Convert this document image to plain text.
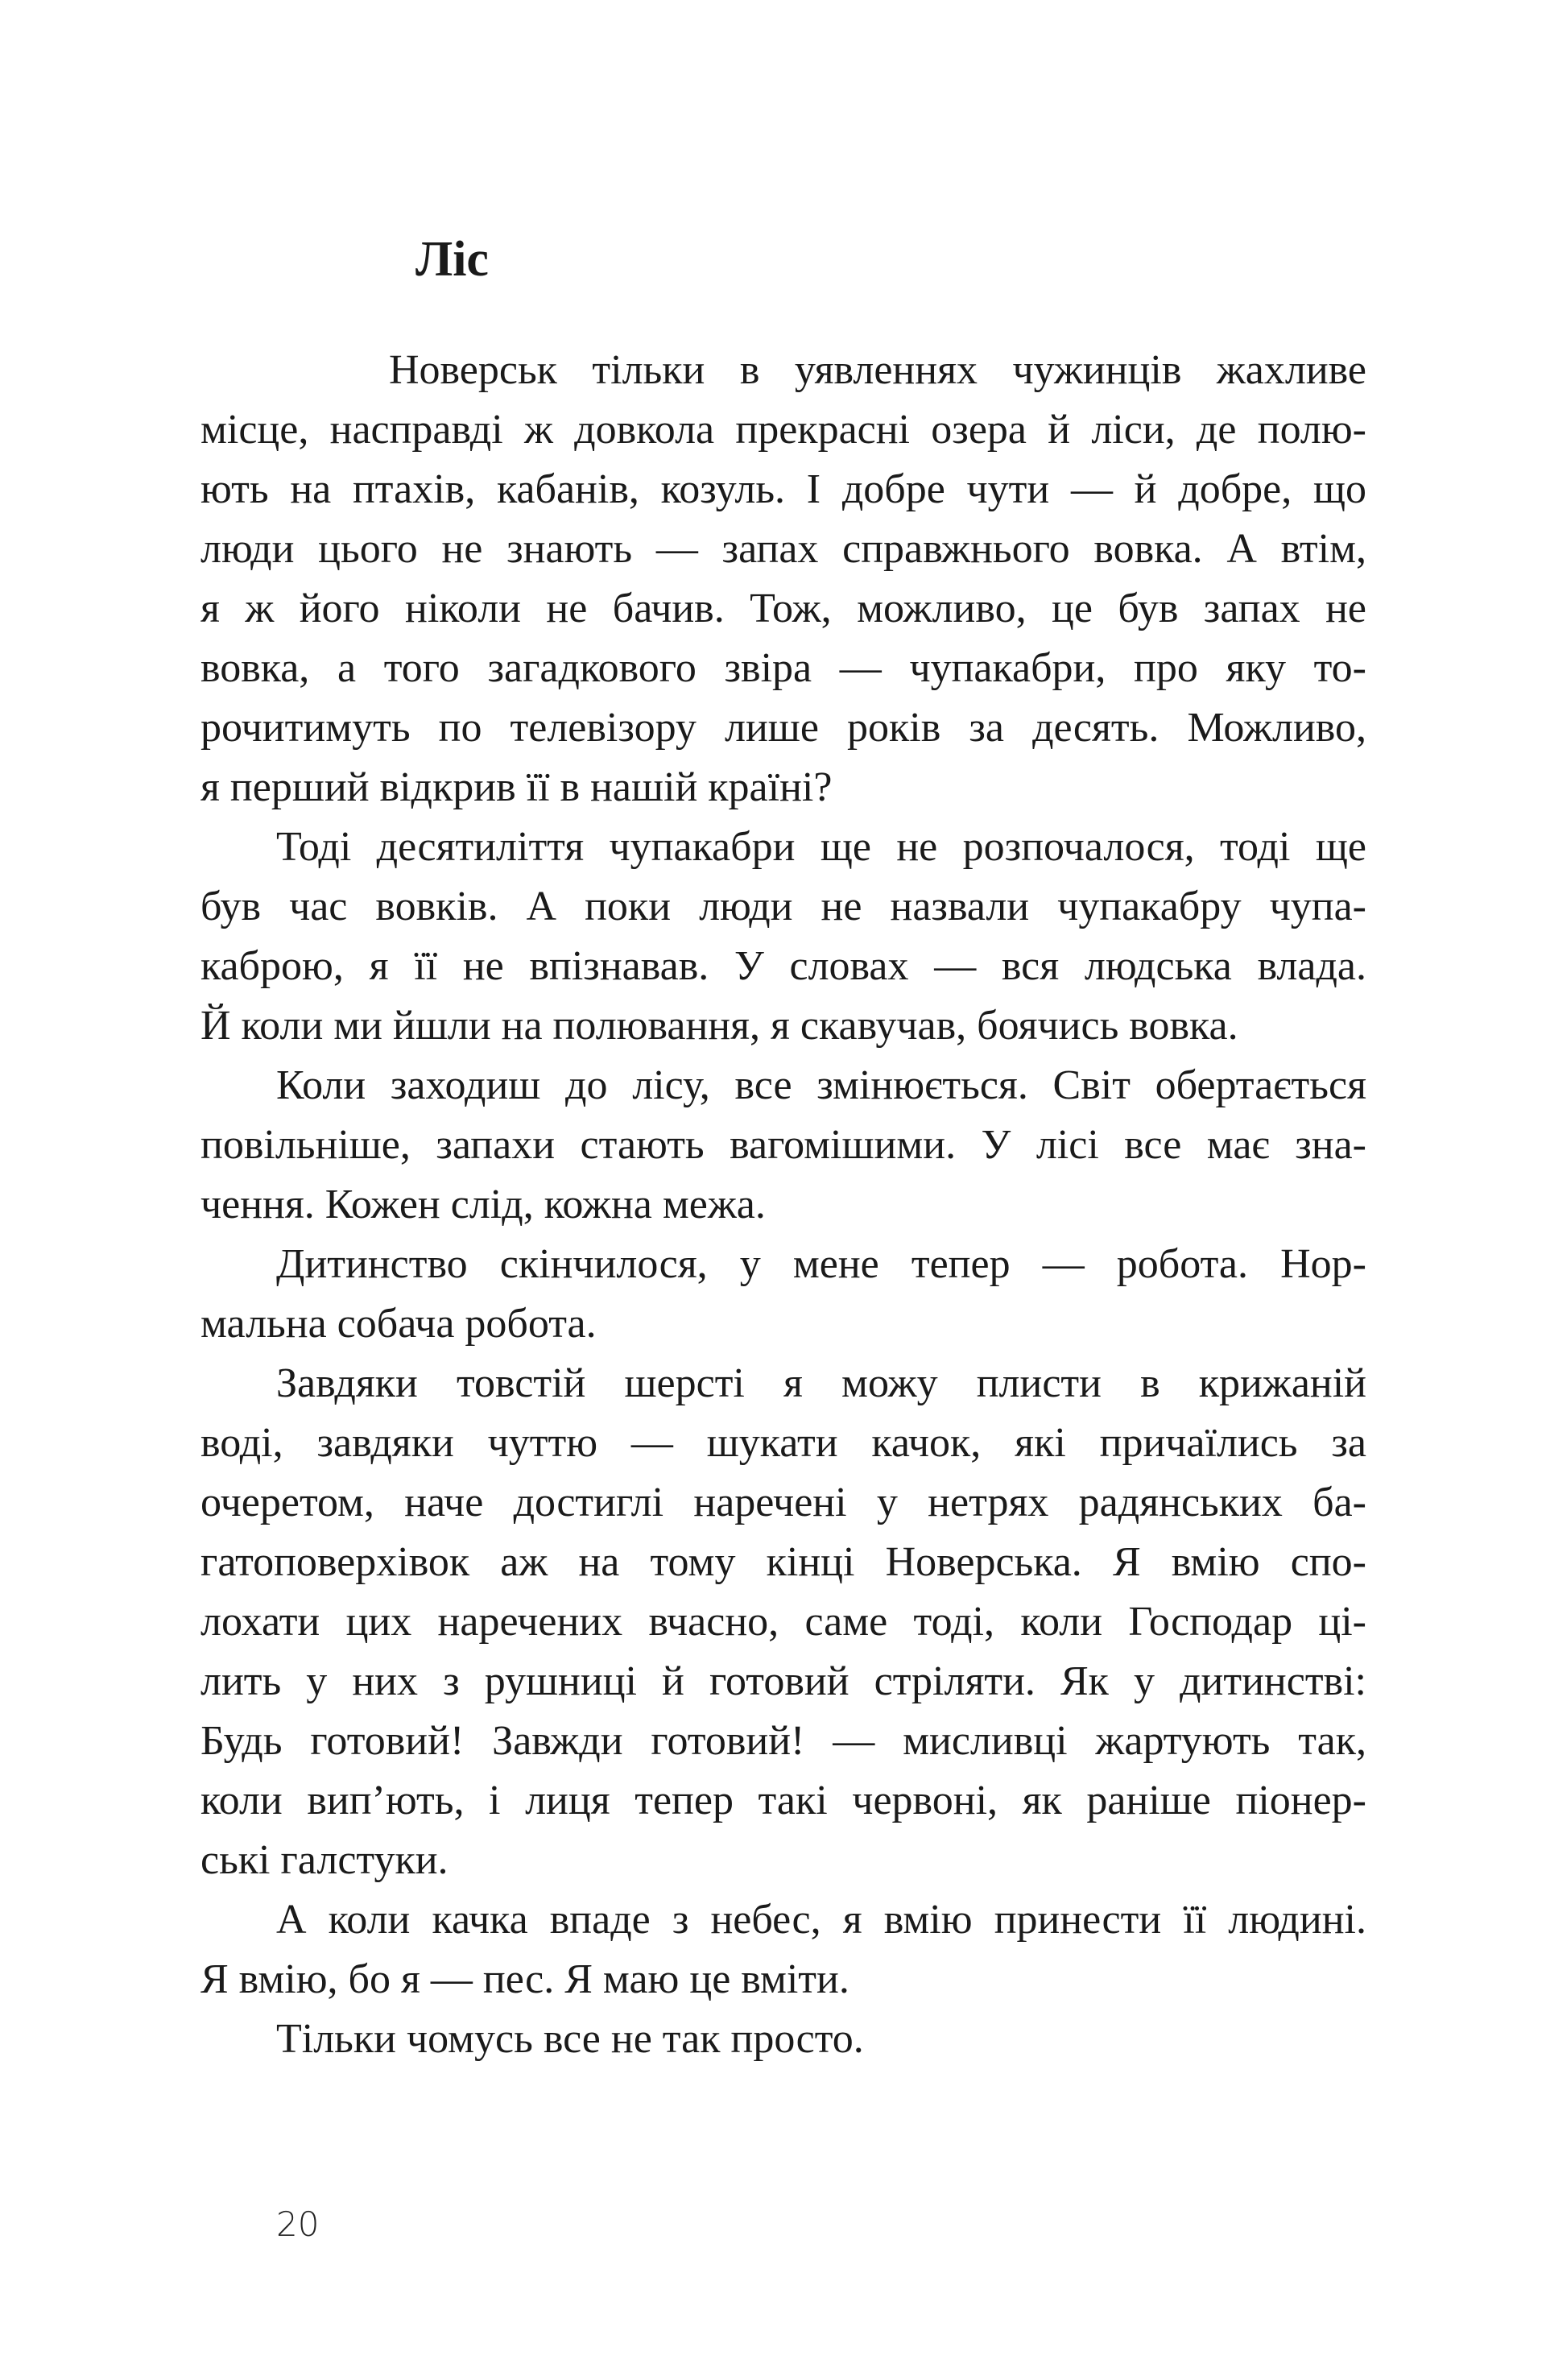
Ліс
Новерськ тільки в уявленнях чужинців жахливе
місце, насправді ж довкола прекрасні озера й ліси, де полю-
ють на птахів, кабанів, козуль. І добре чути — й добре, що
люди цього не знають — запах справжнього вовка. А втім,
я ж його ніколи не бачив. Тож, можливо, це був запах не
вовка, а того загадкового звіра — чупакабри, про яку то-
рочитимуть по телевізору лише років за десять. Можливо,
я перший відкрив її в нашій країні?
Тоді десятиліття чупакабри ще не розпочалося, тоді ще
був час вовків. А поки люди не назвали чупакабру чупа-
каброю, я її не впізнавав. У словах — вся людська влада.
Й коли ми йшли на полювання, я скавучав, боячись вовка.
Коли заходиш до лісу, все змінюється. Світ обертається
повільніше, запахи стають вагомішими. У лісі все має зна-
чення. Кожен слід, кожна межа.
Дитинство скінчилося, у мене тепер — робота. Нор-
мальна собача робота.
Завдяки товстій шерсті я можу плисти в крижаній
воді, завдяки чуттю — шукати качок, які причаїлись за
очеретом, наче достиглі наречені у нетрях радянських ба-
гатоповерхівок аж на тому кінці Новерська. Я вмію спо-
лохати цих наречених вчасно, саме тоді, коли Господар ці-
лить у них з рушниці й готовий стріляти. Як у дитинстві:
Будь готовий! Завжди готовий! — мисливці жартують так,
коли вип’ють, і лиця тепер такі червоні, як раніше піонер-
ські галстуки.
А коли качка впаде з небес, я вмію принести її людині.
Я вмію, бо я — пес. Я маю це вміти.
Тільки чомусь все не так просто.
20
